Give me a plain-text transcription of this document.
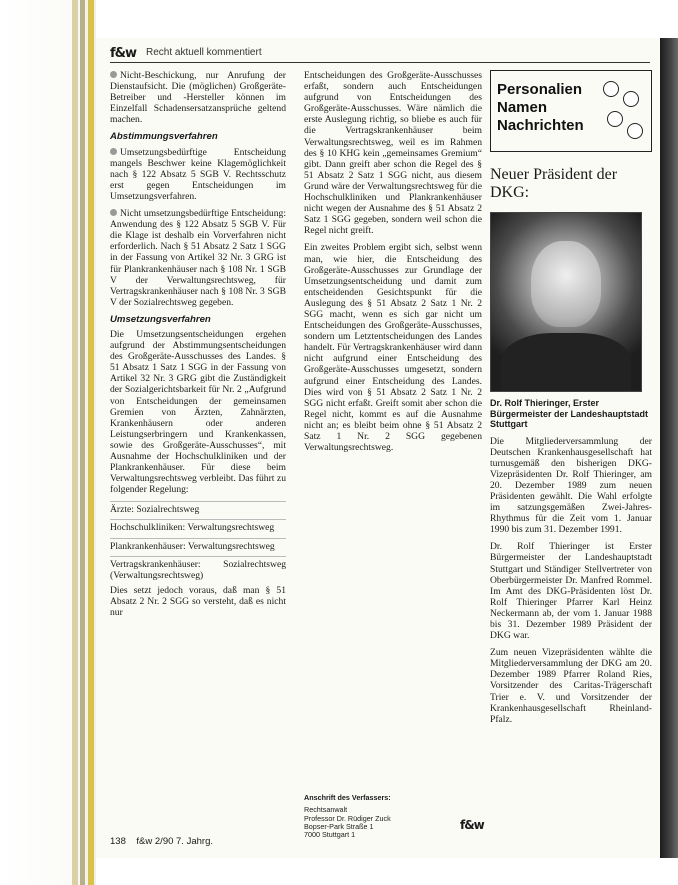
f&w Recht aktuell kommentiert

Nicht-Beschickung, nur Anrufung der Dienstaufsicht. Die (möglichen) Großgeräte-Betreiber und -Hersteller können im Einzelfall Schadensersatzansprüche geltend machen.

Abstimmungsverfahren

Umsetzungsbedürftige Entscheidung mangels Beschwer keine Klagemöglichkeit nach § 122 Absatz 5 SGB V. Rechtsschutz erst gegen Entscheidungen im Umsetzungsverfahren.

Nicht umsetzungsbedürftige Entscheidung: Anwendung des § 122 Absatz 5 SGB V. Für die Klage ist deshalb ein Vorverfahren nicht erforderlich. Nach § 51 Absatz 2 Satz 1 SGG in der Fassung von Artikel 32 Nr. 3 GRG ist für Plankrankenhäuser nach § 108 Nr. 1 SGB V der Verwaltungsrechtsweg, für Vertragskrankenhäuser nach § 108 Nr. 3 SGB V der Sozialrechtsweg gegeben.

Umsetzungsverfahren

Die Umsetzungsentscheidungen ergehen aufgrund der Abstimmungsentscheidungen des Großgeräte-Ausschusses des Landes. § 51 Absatz 1 Satz 1 SGG in der Fassung von Artikel 32 Nr. 3 GRG gibt die Zuständigkeit der Sozialgerichtsbarkeit für Nr. 2 „Aufgrund von Entscheidungen der gemeinsamen Gremien von Ärzten, Zahnärzten, Krankenhäusern oder anderen Leistungserbringern und Krankenkassen, sowie des Großgeräte-Ausschusses“, mit Ausnahme der Hochschulkliniken und der Plankrankenhäuser. Für diese beim Verwaltungsrechtsweg verbleibt. Das führt zu folgender Regelung:

Ärzte: Sozialrechtsweg

Hochschulkliniken: Verwaltungsrechtsweg

Plankrankenhäuser: Verwaltungsrechtsweg

Vertragskrankenhäuser: Sozialrechtsweg (Verwaltungsrechtsweg)

Dies setzt jedoch voraus, daß man § 51 Absatz 2 Nr. 2 SGG so versteht, daß es nicht nur

Entscheidungen des Großgeräte-Ausschusses erfaßt, sondern auch Entscheidungen aufgrund von Entscheidungen des Großgeräte-Ausschusses. Wäre nämlich die erste Auslegung richtig, so bliebe es auch für die Vertragskrankenhäuser beim Verwaltungsrechtsweg, weil es im Rahmen des § 10 KHG kein „gemeinsames Gremium“ gibt. Dann greift aber schon die Regel des § 51 Absatz 2 Satz 1 SGG nicht, aus diesem Grund wäre der Verwaltungsrechtsweg für die Hochschulkliniken und Plankrankenhäuser nicht wegen der Ausnahme des § 51 Absatz 2 Satz 1 SGG gegeben, sondern weil schon die Regel nicht greift.

Ein zweites Problem ergibt sich, selbst wenn man, wie hier, die Entscheidung des Großgeräte-Ausschusses zur Grundlage der Umsetzungsentscheidung und damit zum entscheidenden Gesichtspunkt für die Auslegung des § 51 Absatz 2 Satz 1 Nr. 2 SGG macht, wenn es sich gar nicht um Entscheidungen des Großgeräte-Ausschusses, sondern um Letztentscheidungen des Landes handelt. Für Vertragskrankenhäuser wird dann nicht aufgrund einer Entscheidung des Großgeräte-Ausschusses umgesetzt, sondern aufgrund einer Entscheidung des Landes. Dies wird von § 51 Absatz 2 Satz 1 Nr. 2 SGG nicht erfaßt. Greift somit aber schon die Regel nicht, kommt es auf die Ausnahme nicht an; es bleibt beim ohne § 51 Absatz 2 Satz 1 Nr. 2 SGG gegebenen Verwaltungsrechtsweg.

Anschrift des Verfassers:
Rechtsanwalt
Professor Dr. Rüdiger Zuck
Bopser-Park Straße 1
7000 Stuttgart 1
f&w
Personalien Namen Nachrichten
Neuer Präsident der DKG:
Dr. Rolf Thieringer, Erster Bürgermeister der Landeshauptstadt Stuttgart

Die Mitgliederversammlung der Deutschen Krankenhausgesellschaft hat turnusgemäß den bisherigen DKG-Vizepräsidenten Dr. Rolf Thieringer, am 20. Dezember 1989 zum neuen Präsidenten gewählt. Die Wahl erfolgte im satzungsgemäßen Zwei-Jahres-Rhythmus für die Zeit vom 1. Januar 1990 bis zum 31. Dezember 1991.

Dr. Rolf Thieringer ist Erster Bürgermeister der Landeshauptstadt Stuttgart und Ständiger Stellvertreter von Oberbürgermeister Dr. Manfred Rommel. Im Amt des DKG-Präsidenten löst Dr. Rolf Thieringer Pfarrer Karl Heinz Neckermann ab, der vom 1. Januar 1988 bis 31. Dezember 1989 Präsident der DKG war.

Zum neuen Vizepräsidenten wählte die Mitgliederversammlung der DKG am 20. Dezember 1989 Pfarrer Roland Ries, Vorsitzender des Caritas-Trägerschaft Trier e. V. und Vorsitzender der Krankenhausgesellschaft Rheinland-Pfalz.

138 f&w 2/90 7. Jahrg.
